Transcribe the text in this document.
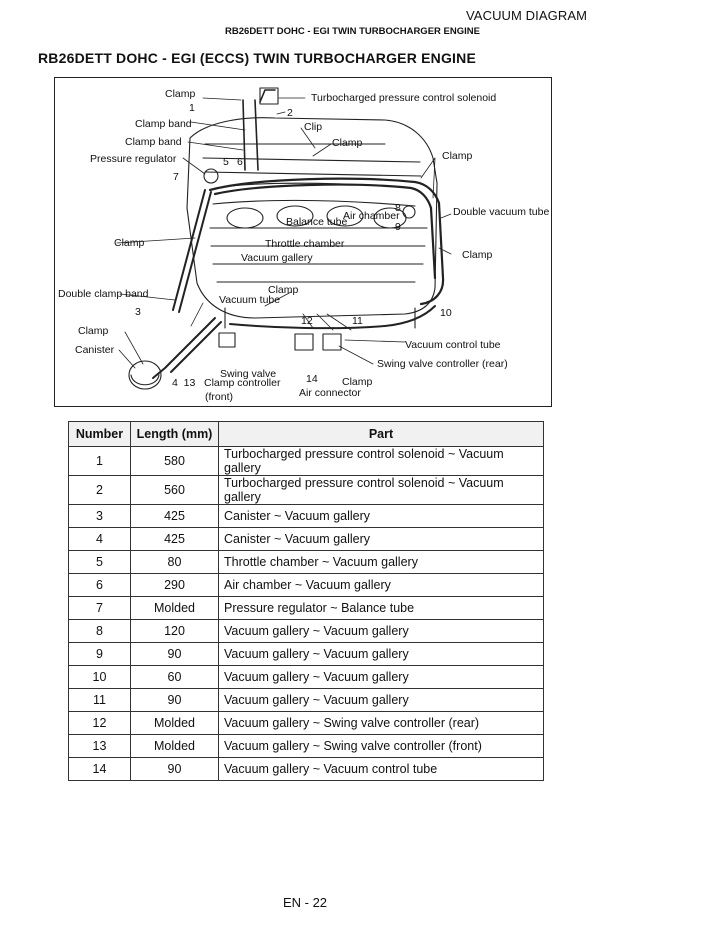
VACUUM DIAGRAM
RB26DETT DOHC - EGI TWIN TURBOCHARGER ENGINE
RB26DETT DOHC - EGI (ECCS) TWIN TURBOCHARGER ENGINE
Clamp
1	2
Turbocharged pressure control solenoid
Clamp band	Clip
Clamp band	Clamp
Clamp
Pressure regulator	5 6
7
8
Air chamber	Double vacuum tube
Balance tube	9
Throttle chamber
Clamp
Vacuum gallery	Clamp
Double clamp band	Clamp
Vacuum tube
10
3
12	11
Clamp
Vacuum control tube
Canister
Swing valve controller (rear)
Swing valve	14 Clamp
4  13 Clamp controller
(front)	Air connector
Number	Length (mm)	Part
1	580	Turbocharged pressure control solenoid ~ Vacuum gallery
2	560	Turbocharged pressure control solenoid ~ Vacuum gallery
3	425	Canister ~ Vacuum gallery
4	425	Canister ~ Vacuum gallery
5	80	Throttle chamber ~ Vacuum gallery
6	290	Air chamber ~ Vacuum gallery
7	Molded	Pressure regulator ~ Balance tube
8	120	Vacuum gallery ~ Vacuum gallery
9	90	Vacuum gallery ~ Vacuum gallery
10	60	Vacuum gallery ~ Vacuum gallery
11	90	Vacuum gallery ~ Vacuum gallery
12	Molded	Vacuum gallery ~ Swing valve controller (rear)
13	Molded	Vacuum gallery ~ Swing valve controller (front)
14	90	Vacuum gallery ~ Vacuum control tube
EN - 22
